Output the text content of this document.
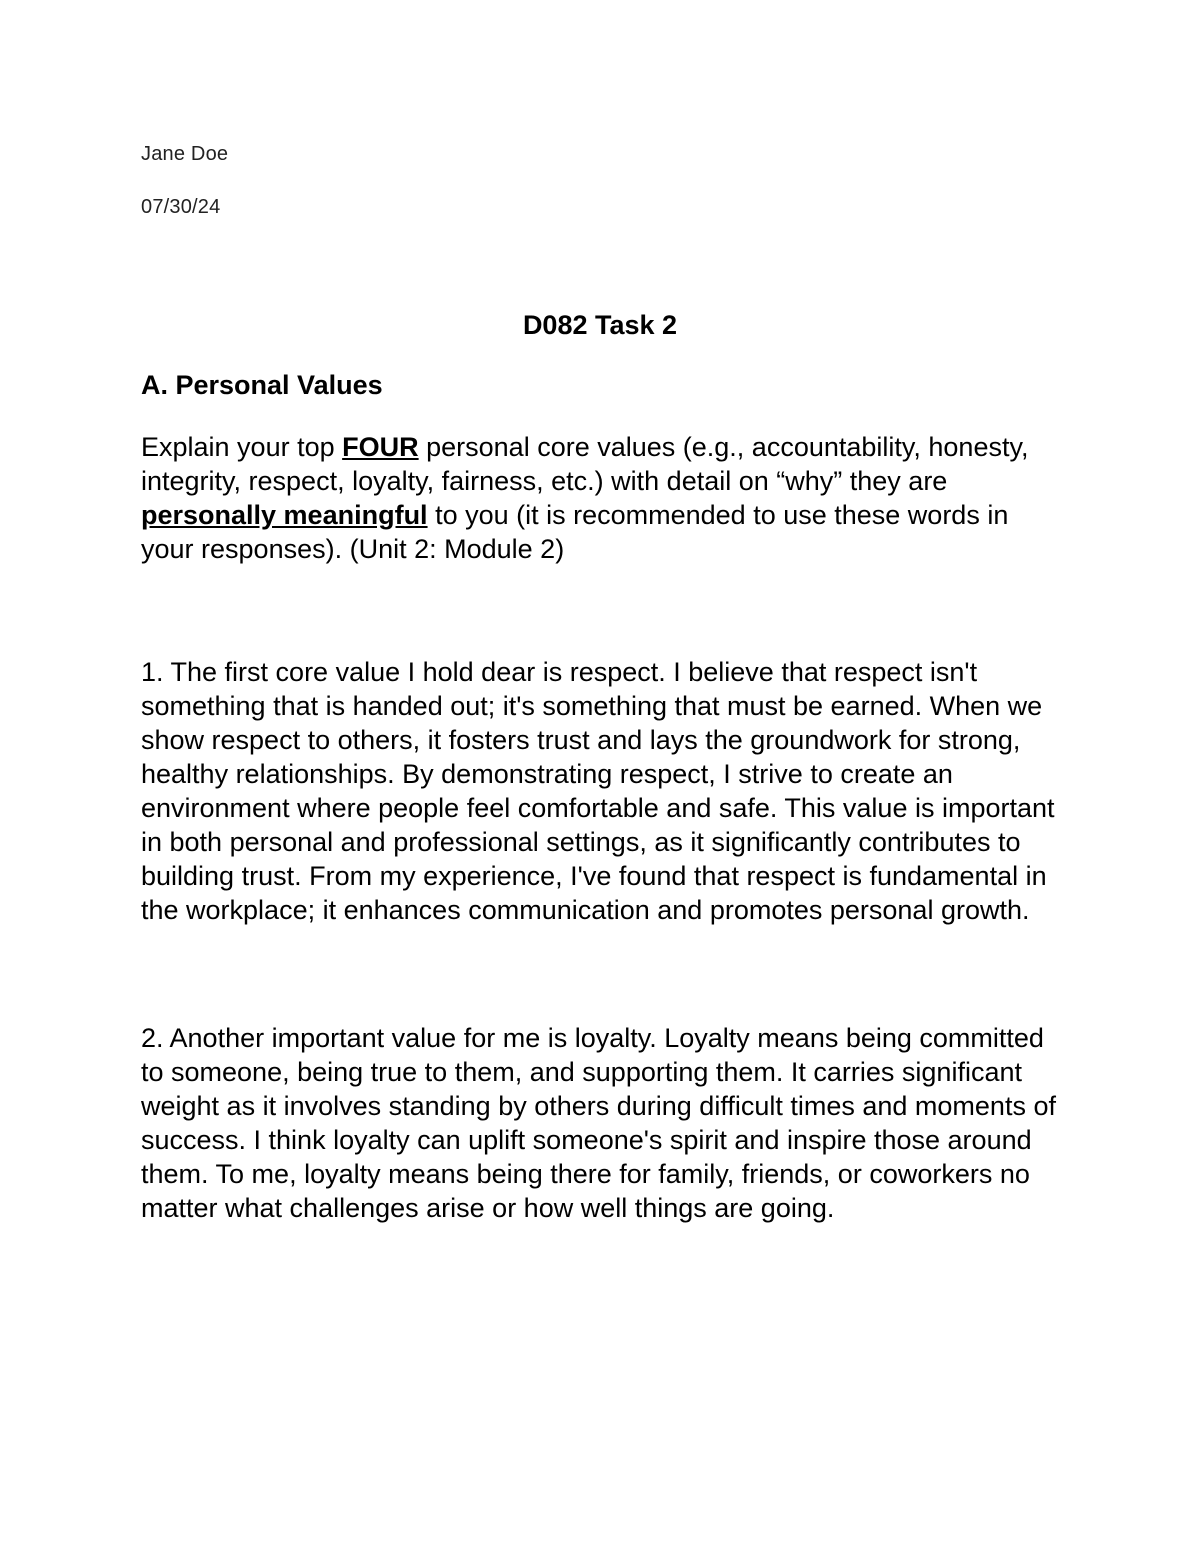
Jane Doe
07/30/24
D082 Task 2
A. Personal Values
Explain your top FOUR personal core values (e.g., accountability, honesty, integrity, respect, loyalty, fairness, etc.) with detail on “why” they are personally meaningful to you (it is recommended to use these words in your responses). (Unit 2: Module 2)
1. The first core value I hold dear is respect. I believe that respect isn't something that is handed out; it's something that must be earned. When we show respect to others, it fosters trust and lays the groundwork for strong, healthy relationships. By demonstrating respect, I strive to create an environment where people feel comfortable and safe. This value is important in both personal and professional settings, as it significantly contributes to building trust. From my experience, I've found that respect is fundamental in the workplace; it enhances communication and promotes personal growth.
2. Another important value for me is loyalty. Loyalty means being committed to someone, being true to them, and supporting them. It carries significant weight as it involves standing by others during difficult times and moments of success. I think loyalty can uplift someone's spirit and inspire those around them. To me, loyalty means being there for family, friends, or coworkers no matter what challenges arise or how well things are going.
